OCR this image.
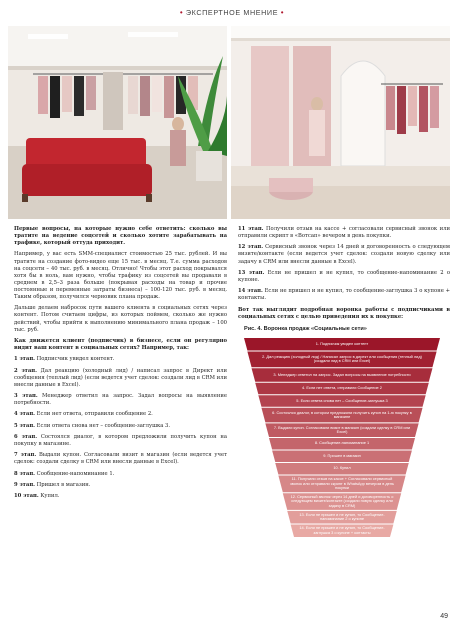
• ЭКСПЕРТНОЕ МНЕНИЕ •

Первые вопросы, на которые нужно себе ответить: сколько вы тратите на ведение соцсетей и сколько хотите зарабатывать на трафике, который оттуда приходит.

Например, у вас есть SMM-специалист стоимостью 25 тыс. рублей. И вы тратите на создание фото-видео еще 15 тыс. в месяц. Т.е. сумма расходов на соцсети – 40 тыс. руб. в месяц. Отлично! Чтобы этот расход покрывался хотя бы в ноль, вам нужно, чтобы трафику из соцсетей вы продавали в среднем в 2,5–3 раза больше (покрывая расходы на товар и прочие постоянные и переменные затраты бизнеса) – 100-120 тыс. руб. в месяц. Таким образом, получился черновик плана продаж.

Дальше делаем набросок пути вашего клиента в социальных сетях через контент. Потом считаем цифры, из которых поймем, сколько же нужно действий, чтобы прийти к выполнению минимального плана продаж – 100 тыс. руб.

Как движется клиент (подписчик) в бизнесе, если он регулярно видит ваш контент в социальных сетях? Например, так:

1 этап. Подписчик увидел контент.

2 этап. Дал реакцию (холодный лид) / написал запрос в Директ или сообщения (теплый лид) (если ведется учет сделок: создали лид в CRM или внесли данные в Excel).

3 этап. Менеджер ответил на запрос. Задал вопросы на выявление потребности.

4 этап. Если нет ответа, отправили сообщение 2.

5 этап. Если ответа снова нет – сообщение-заглушка 3.

6 этап. Состоялся диалог, в котором предложили получить купон на покупку в магазине.

7 этап. Выдали купон. Согласовали визит в магазин (если ведется учет сделок: создали сделку в CRM или внесли данные в Excel).

8 этап. Сообщение-напоминание 1.

9 этап. Пришел в магазин.

10 этап. Купил.

11 этап. Получили отзыв на кассе + согласовали сервисный звонок или отправили скрипт в «Вотсап» вечером в день покупки.

12 этап. Сервисный звонок через 14 дней и договоренность о следующем визите/контакте (если ведется учет сделок: создали новую сделку или задачу в CRM или внесли данные в Excel).

13 этап. Если не пришел и не купил, то сообщение-напоминание 2 о купоне.

14 этап. Если не пришел и не купил, то сообщение-заглушка 3 о купоне + контакты.

Вот так выглядит подробная воронка работы с подписчиками в социальных сетях с целью приведения их к покупке:

Рис. 4. Воронка продаж «Социальные сети»
1. Подписчик увидел контент
2. Дал реакцию (холодный лид) / Написал запрос в директ или сообщения (теплый лид) (создали лид в CRM или Excel)
3. Менеджер ответил на запрос. Задал вопросы на выявление потребности
4. Если нет ответа, отправили Сообщение 2
5. Если ответа снова нет – Сообщение-заглушка 3
6. Состоялся диалог, в котором предложили получить купон на 1-ю покупку в магазине
7. Выдали купон. Согласовали визит в магазин (создали сделку в CRM или Excel)
8. Сообщение-напоминание 1
9. Пришел в магазин
10. Купил
11. Получили отзыв на кассе + Согласовали сервисный звонок или отправили скрипт в WhatsApp вечером в день покупки
12. Сервисный звонок через 14 дней и договоренность о следующем визите/контакте (создали новую сделку или задачу в CRM)
13. Если не пришел и не купил, то Сообщение-напоминание 2 о купоне
14. Если не пришел и не купил, то Сообщение-заглушка 3 о купоне + контакты
49
